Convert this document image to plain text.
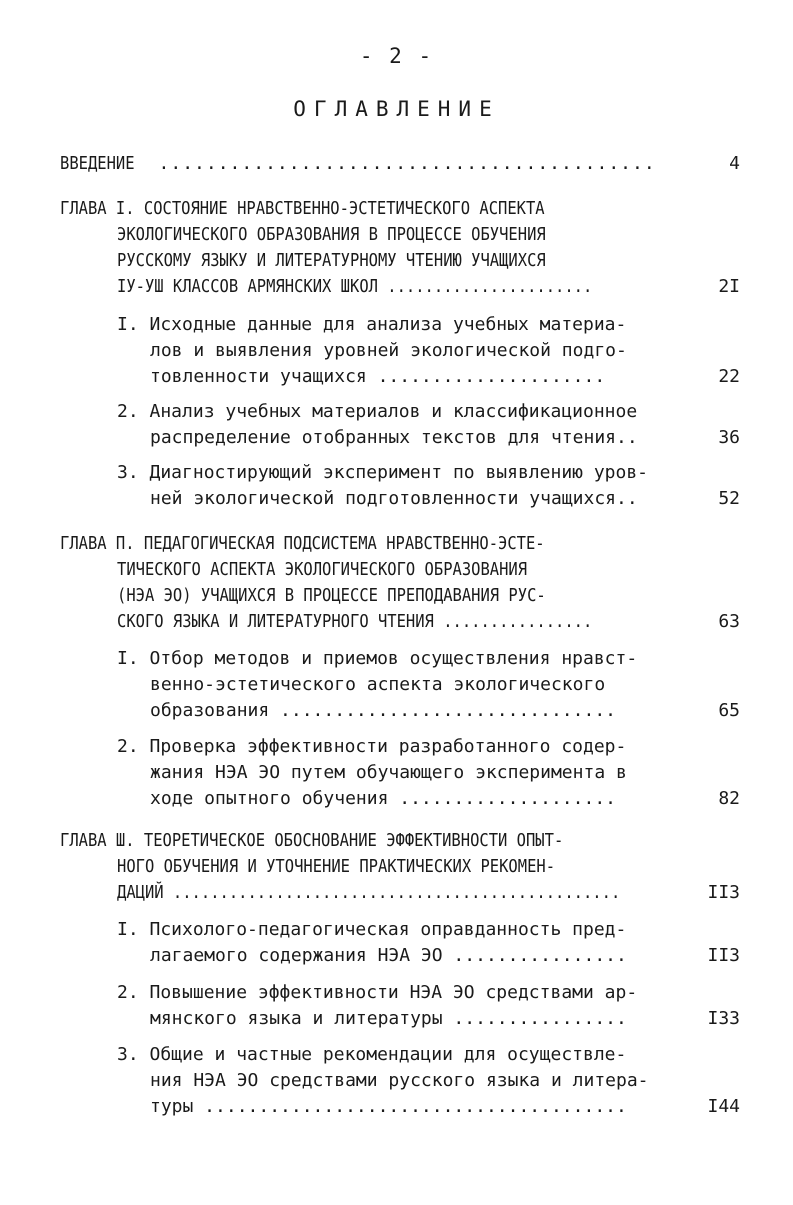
- 2 -
ОГЛАВЛЕНИЕ
ВВЕДЕНИЕ ..........................................	4
ГЛАВА I. СОСТОЯНИЕ НРАВСТВЕННО-ЭСТЕТИЧЕСКОГО АСПЕКТА
ЭКОЛОГИЧЕСКОГО ОБРАЗОВАНИЯ В ПРОЦЕССЕ ОБУЧЕНИЯ
РУССКОМУ ЯЗЫКУ И ЛИТЕРАТУРНОМУ ЧТЕНИЮ УЧАЩИХСЯ
IУ-УШ КЛАССОВ АРМЯНСКИХ ШКОЛ ......................	2I
I. Исходные данные для анализа учебных материа-
лов и выявления уровней экологической подго-
товленности учащихся .....................	22
2. Анализ учебных материалов и классификационное
распределение отобранных текстов для чтения..	36
3. Диагностирующий эксперимент по выявлению уров-
ней экологической подготовленности учащихся..	52
ГЛАВА П. ПЕДАГОГИЧЕСКАЯ ПОДСИСТЕМА НРАВСТВЕННО-ЭСТЕ-
ТИЧЕСКОГО АСПЕКТА ЭКОЛОГИЧЕСКОГО ОБРАЗОВАНИЯ
(НЭА ЭО) УЧАЩИХСЯ В ПРОЦЕССЕ ПРЕПОДАВАНИЯ РУС-
СКОГО ЯЗЫКА И ЛИТЕРАТУРНОГО ЧТЕНИЯ ................	63
I. Отбор методов и приемов осуществления нравст-
венно-эстетического аспекта экологического
образования ...............................	65
2. Проверка эффективности разработанного содер-
жания НЭА ЭО путем обучающего эксперимента в
ходе опытного обучения ....................	82
ГЛАВА Ш. ТЕОРЕТИЧЕСКОЕ ОБОСНОВАНИЕ ЭФФЕКТИВНОСТИ ОПЫТ-
НОГО ОБУЧЕНИЯ И УТОЧНЕНИЕ ПРАКТИЧЕСКИХ РЕКОМЕН-
ДАЦИЙ ................................................	II3
I. Психолого-педагогическая оправданность пред-
лагаемого содержания НЭА ЭО ................	II3
2. Повышение эффективности НЭА ЭО средствами ар-
мянского языка и литературы ................	I33
3. Общие и частные рекомендации для осуществле-
ния НЭА ЭО средствами русского языка и литера-
туры .......................................	I44
